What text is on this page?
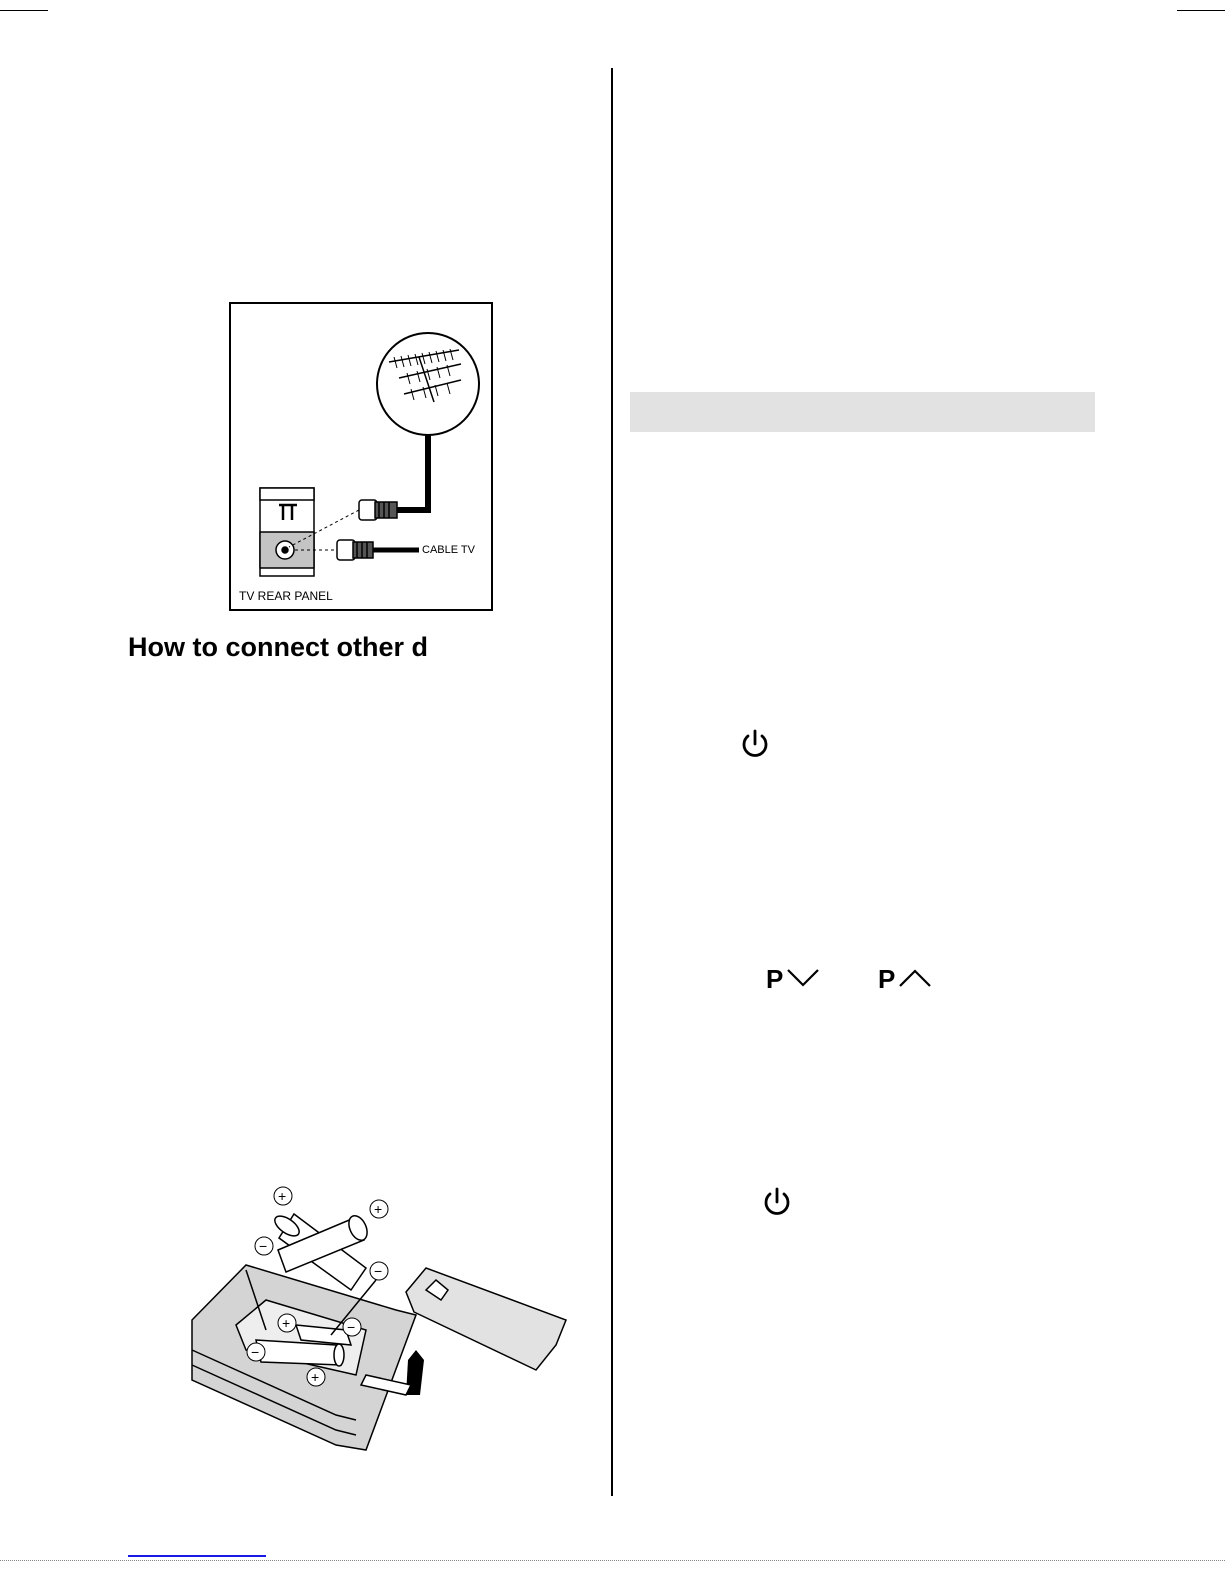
CABLE TV
TV REAR PANEL
How to connect other d
P	P
+
+
−
−
+	−
−
+
